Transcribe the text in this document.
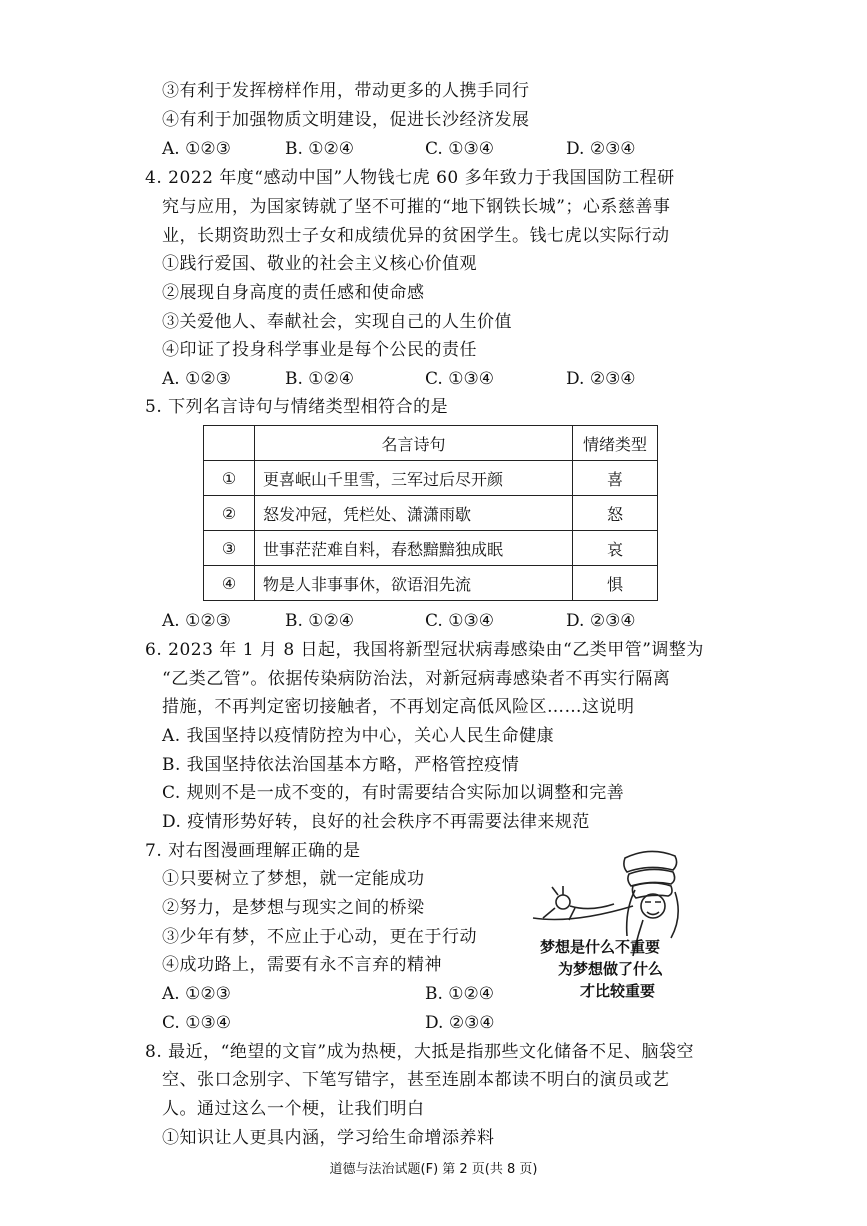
③有利于发挥榜样作用，带动更多的人携手同行
④有利于加强物质文明建设，促进长沙经济发展
A. ①②③	B. ①②④	C. ①③④	D. ②③④
4. 2022 年度“感动中国”人物钱七虎 60 多年致力于我国国防工程研
究与应用，为国家铸就了坚不可摧的“地下钢铁长城”；心系慈善事
业，长期资助烈士子女和成绩优异的贫困学生。钱七虎以实际行动
①践行爱国、敬业的社会主义核心价值观
②展现自身高度的责任感和使命感
③关爱他人、奉献社会，实现自己的人生价值
④印证了投身科学事业是每个公民的责任
A. ①②③	B. ①②④	C. ①③④	D. ②③④
5. 下列名言诗句与情绪类型相符合的是
	名言诗句	情绪类型
①	更喜岷山千里雪，三军过后尽开颜	喜
②	怒发冲冠，凭栏处、潇潇雨歇	怒
③	世事茫茫难自料，春愁黯黯独成眠	哀
④	物是人非事事休，欲语泪先流	惧
A. ①②③	B. ①②④	C. ①③④	D. ②③④
6. 2023 年 1 月 8 日起，我国将新型冠状病毒感染由“乙类甲管”调整为
“乙类乙管”。依据传染病防治法，对新冠病毒感染者不再实行隔离
措施，不再判定密切接触者，不再划定高低风险区……这说明
A. 我国坚持以疫情防控为中心，关心人民生命健康
B. 我国坚持依法治国基本方略，严格管控疫情
C. 规则不是一成不变的，有时需要结合实际加以调整和完善
D. 疫情形势好转，良好的社会秩序不再需要法律来规范
7. 对右图漫画理解正确的是
①只要树立了梦想，就一定能成功
②努力，是梦想与现实之间的桥梁
③少年有梦，不应止于心动，更在于行动
④成功路上，需要有永不言弃的精神
A. ①②③	B. ①②④
C. ①③④	D. ②③④
梦想是什么不重要
为梦想做了什么
才比较重要
8. 最近，“绝望的文盲”成为热梗，大抵是指那些文化储备不足、脑袋空
空、张口念别字、下笔写错字，甚至连剧本都读不明白的演员或艺
人。通过这么一个梗，让我们明白
①知识让人更具内涵，学习给生命增添养料
道德与法治试题(F) 第 2 页(共 8 页)
